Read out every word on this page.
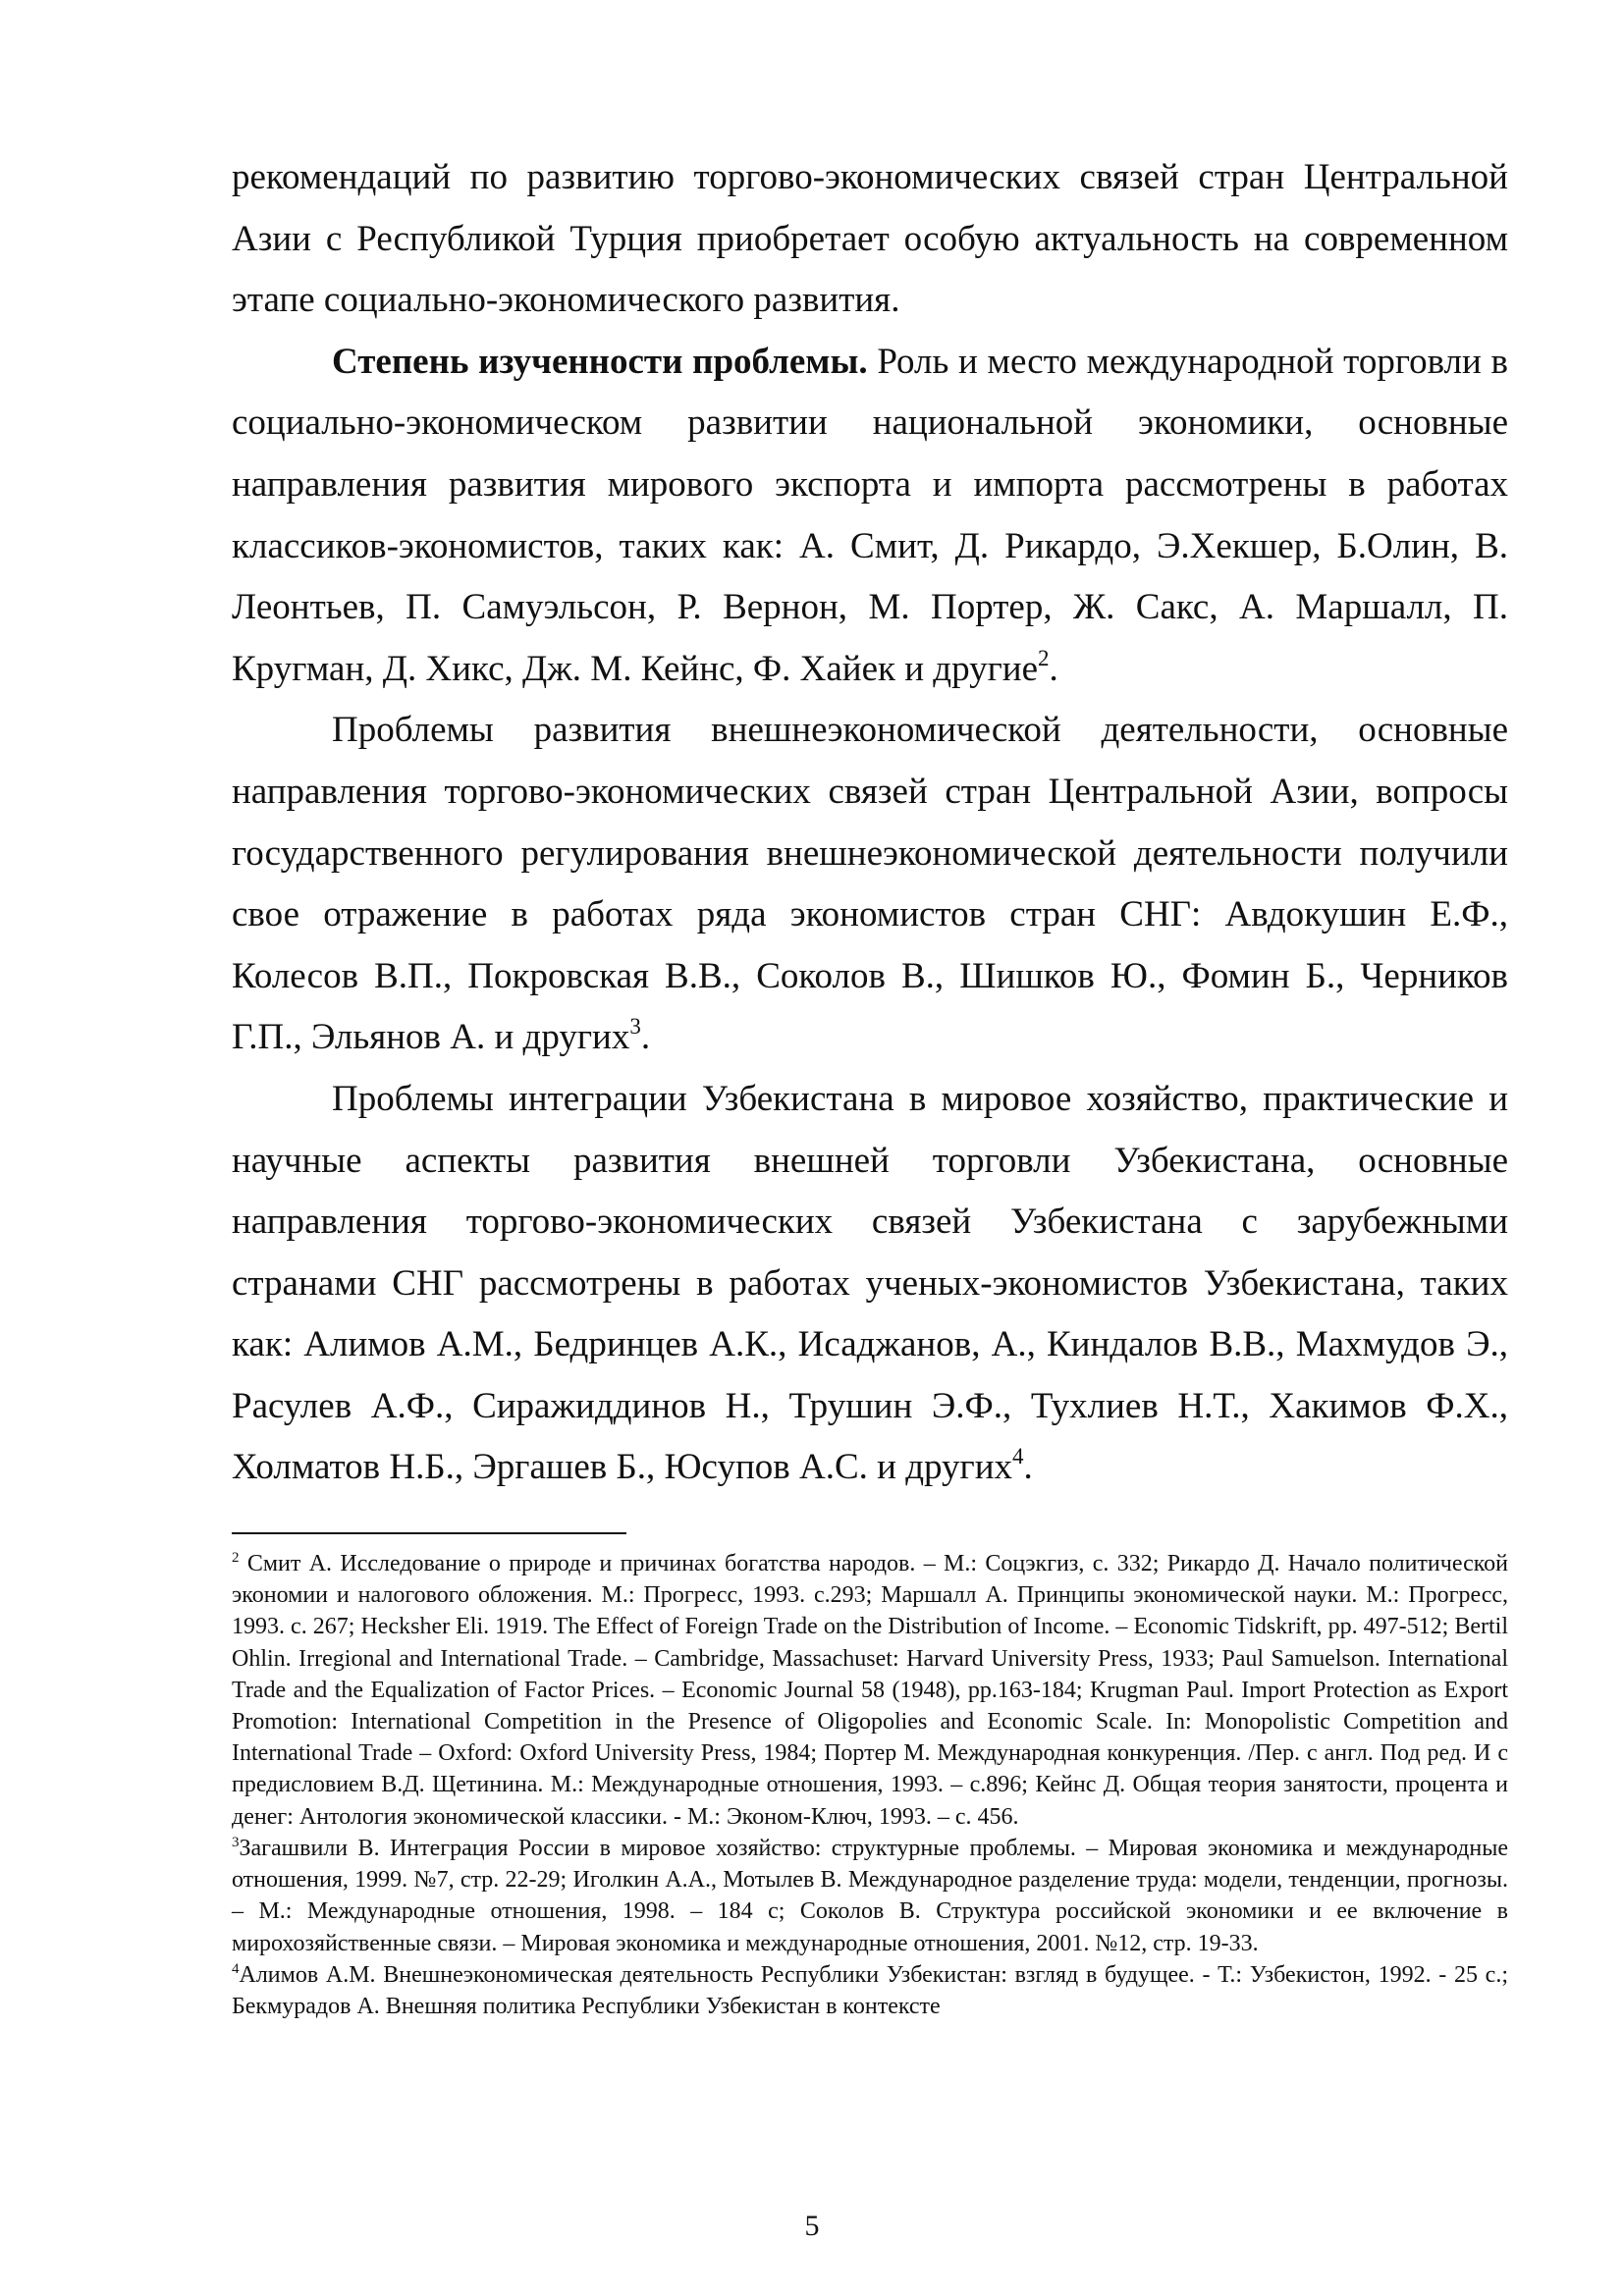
рекомендаций по развитию торгово-экономических связей стран Центральной Азии с Республикой Турция приобретает особую актуальность на современном этапе социально-экономического развития.

Степень изученности проблемы. Роль и место международной торговли в социально-экономическом развитии национальной экономики, основные направления развития мирового экспорта и импорта рассмотрены в работах классиков-экономистов, таких как: А. Смит, Д. Рикардо, Э.Хекшер, Б.Олин, В. Леонтьев, П. Самуэльсон, Р. Вернон, М. Портер, Ж. Сакс, А. Маршалл, П. Кругман, Д. Хикс, Дж. М. Кейнс, Ф. Хайек и другие$^2$.

Проблемы развития внешнеэкономической деятельности, основные направления торгово-экономических связей стран Центральной Азии, вопросы государственного регулирования внешнеэкономической деятельности получили свое отражение в работах ряда экономистов стран СНГ: Авдокушин Е.Ф., Колесов В.П., Покровская В.В., Соколов В., Шишков Ю., Фомин Б., Черников Г.П., Эльянов А. и других$^3$.

Проблемы интеграции Узбекистана в мировое хозяйство, практические и научные аспекты развития внешней торговли Узбекистана, основные направления торгово-экономических связей Узбекистана с зарубежными странами СНГ рассмотрены в работах ученых-экономистов Узбекистана, таких как: Алимов А.М., Бедринцев А.К., Исаджанов, А., Киндалов В.В., Махмудов Э., Расулев А.Ф., Сиражиддинов Н., Трушин Э.Ф., Тухлиев Н.Т., Хакимов Ф.Х., Холматов Н.Б., Эргашев Б., Юсупов А.С. и других$^4$.

$^2$ Смит А. Исследование о природе и причинах богатства народов. – М.: Соцэкгиз, с. 332; Рикардо Д. Начало политической экономии и налогового обложения. М.: Прогресс, 1993. с.293; Маршалл А. Принципы экономической науки. М.: Прогресс, 1993. с. 267; Heckshеr Eli. 1919. The Effect of Foreign Trade on the Distribution of Income. – Economic Tidskrift, pp. 497-512; Bertil Ohlin. Irregional and International Trade. – Cambridge, Massachuset: Harvard University Press, 1933; Paul Samuelson. International Trade and the Equalization of Factor Prices. – Economic Journal 58 (1948), pp.163-184; Krugman Paul. Import Protection as Export Promotion: International Competition in the Presence of Oligopolies and Economic Scale. In: Monopolistic Competition and International Trade – Oxford: Oxford University Press, 1984; Портер М. Международная конкуренция. /Пер. с англ. Под ред. И с предисловием В.Д. Щетинина. М.: Международные отношения, 1993. – с.896; Кейнс Д. Общая теория занятости, процента и денег: Антология экономической классики. - М.: Эконом-Ключ, 1993. – с. 456.

$^3$Загашвили В. Интеграция России в мировое хозяйство: структурные проблемы. – Мировая экономика и международные отношения, 1999. №7, стр. 22-29; Иголкин А.А., Мотылев В. Международное разделение труда: модели, тенденции, прогнозы. – М.: Международные отношения, 1998. – 184 с; Соколов В. Структура российской экономики и ее включение в мирохозяйственные связи. – Мировая экономика и международные отношения, 2001. №12, стр. 19-33.

$^4$Алимов А.М. Внешнеэкономическая деятельность Республики Узбекистан: взгляд в будущее. - Т.: Узбекистон, 1992. - 25 с.; Бекмурадов А. Внешняя политика Республики Узбекистан в контексте

5
